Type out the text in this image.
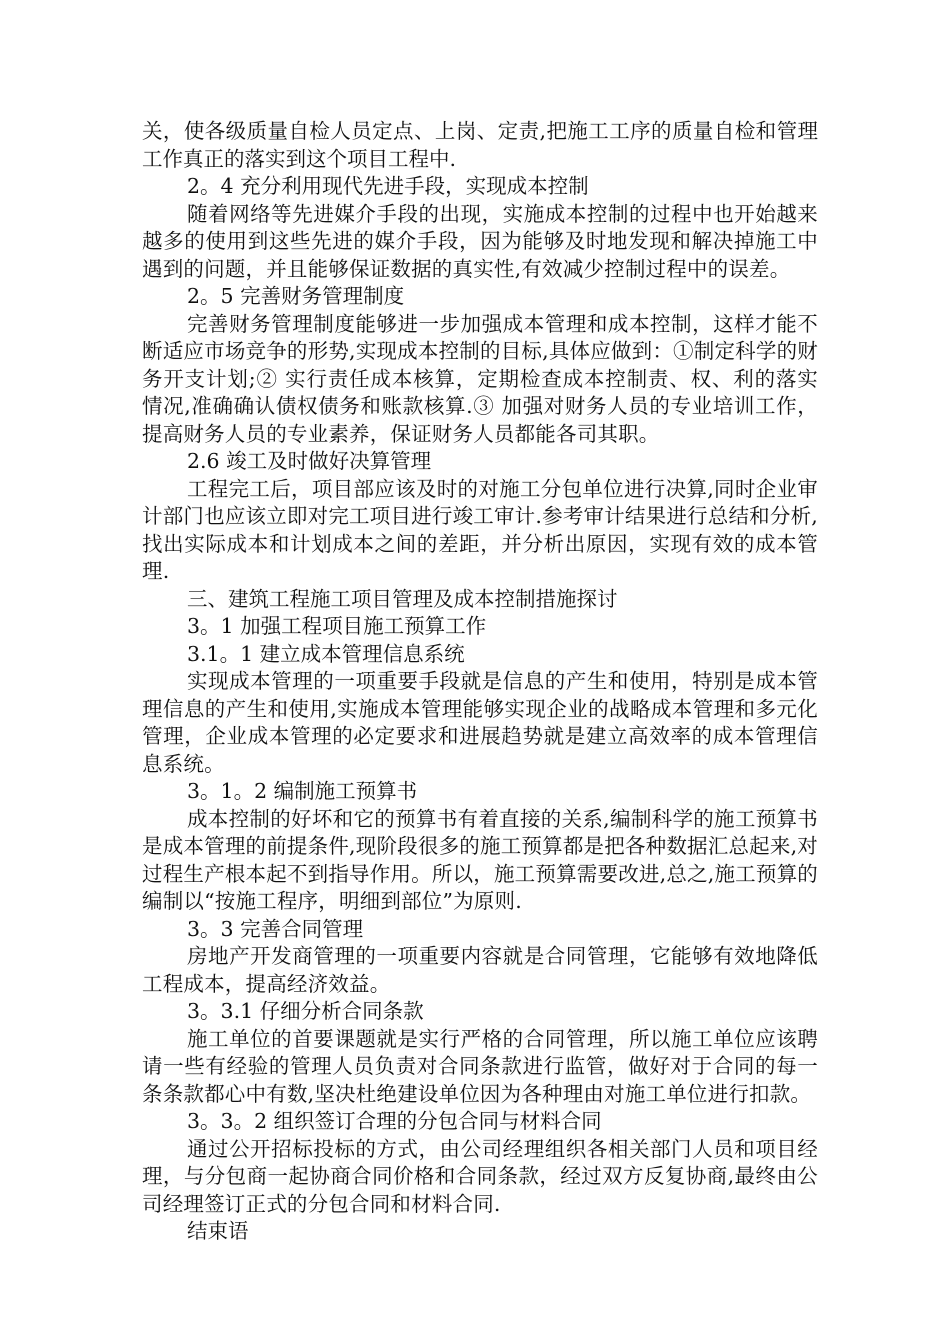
关，使各级质量自检人员定点、上岗、定责,把施工工序的质量自检和管理工作真正的落实到这个项目工程中.

2。4 充分利用现代先进手段，实现成本控制

随着网络等先进媒介手段的出现，实施成本控制的过程中也开始越来越多的使用到这些先进的媒介手段，因为能够及时地发现和解决掉施工中遇到的问题，并且能够保证数据的真实性,有效减少控制过程中的误差。

2。5 完善财务管理制度

完善财务管理制度能够进一步加强成本管理和成本控制，这样才能不断适应市场竞争的形势,实现成本控制的目标,具体应做到：①制定科学的财务开支计划;② 实行责任成本核算，定期检查成本控制责、权、利的落实情况,准确确认债权债务和账款核算.③ 加强对财务人员的专业培训工作，提高财务人员的专业素养，保证财务人员都能各司其职。

2.6 竣工及时做好决算管理

工程完工后，项目部应该及时的对施工分包单位进行决算,同时企业审计部门也应该立即对完工项目进行竣工审计.参考审计结果进行总结和分析,找出实际成本和计划成本之间的差距，并分析出原因，实现有效的成本管理.

三、建筑工程施工项目管理及成本控制措施探讨

3。1 加强工程项目施工预算工作

3.1。1 建立成本管理信息系统

实现成本管理的一项重要手段就是信息的产生和使用，特别是成本管理信息的产生和使用,实施成本管理能够实现企业的战略成本管理和多元化管理，企业成本管理的必定要求和进展趋势就是建立高效率的成本管理信息系统。

3。1。2 编制施工预算书

成本控制的好坏和它的预算书有着直接的关系,编制科学的施工预算书是成本管理的前提条件,现阶段很多的施工预算都是把各种数据汇总起来,对过程生产根本起不到指导作用。所以，施工预算需要改进,总之,施工预算的编制以“按施工程序，明细到部位”为原则.

3。3 完善合同管理

房地产开发商管理的一项重要内容就是合同管理，它能够有效地降低工程成本，提高经济效益。

3。3.1 仔细分析合同条款

施工单位的首要课题就是实行严格的合同管理，所以施工单位应该聘请一些有经验的管理人员负责对合同条款进行监管，做好对于合同的每一条条款都心中有数,坚决杜绝建设单位因为各种理由对施工单位进行扣款。

3。3。2 组织签订合理的分包合同与材料合同

通过公开招标投标的方式，由公司经理组织各相关部门人员和项目经理，与分包商一起协商合同价格和合同条款，经过双方反复协商,最终由公司经理签订正式的分包合同和材料合同.

结束语
